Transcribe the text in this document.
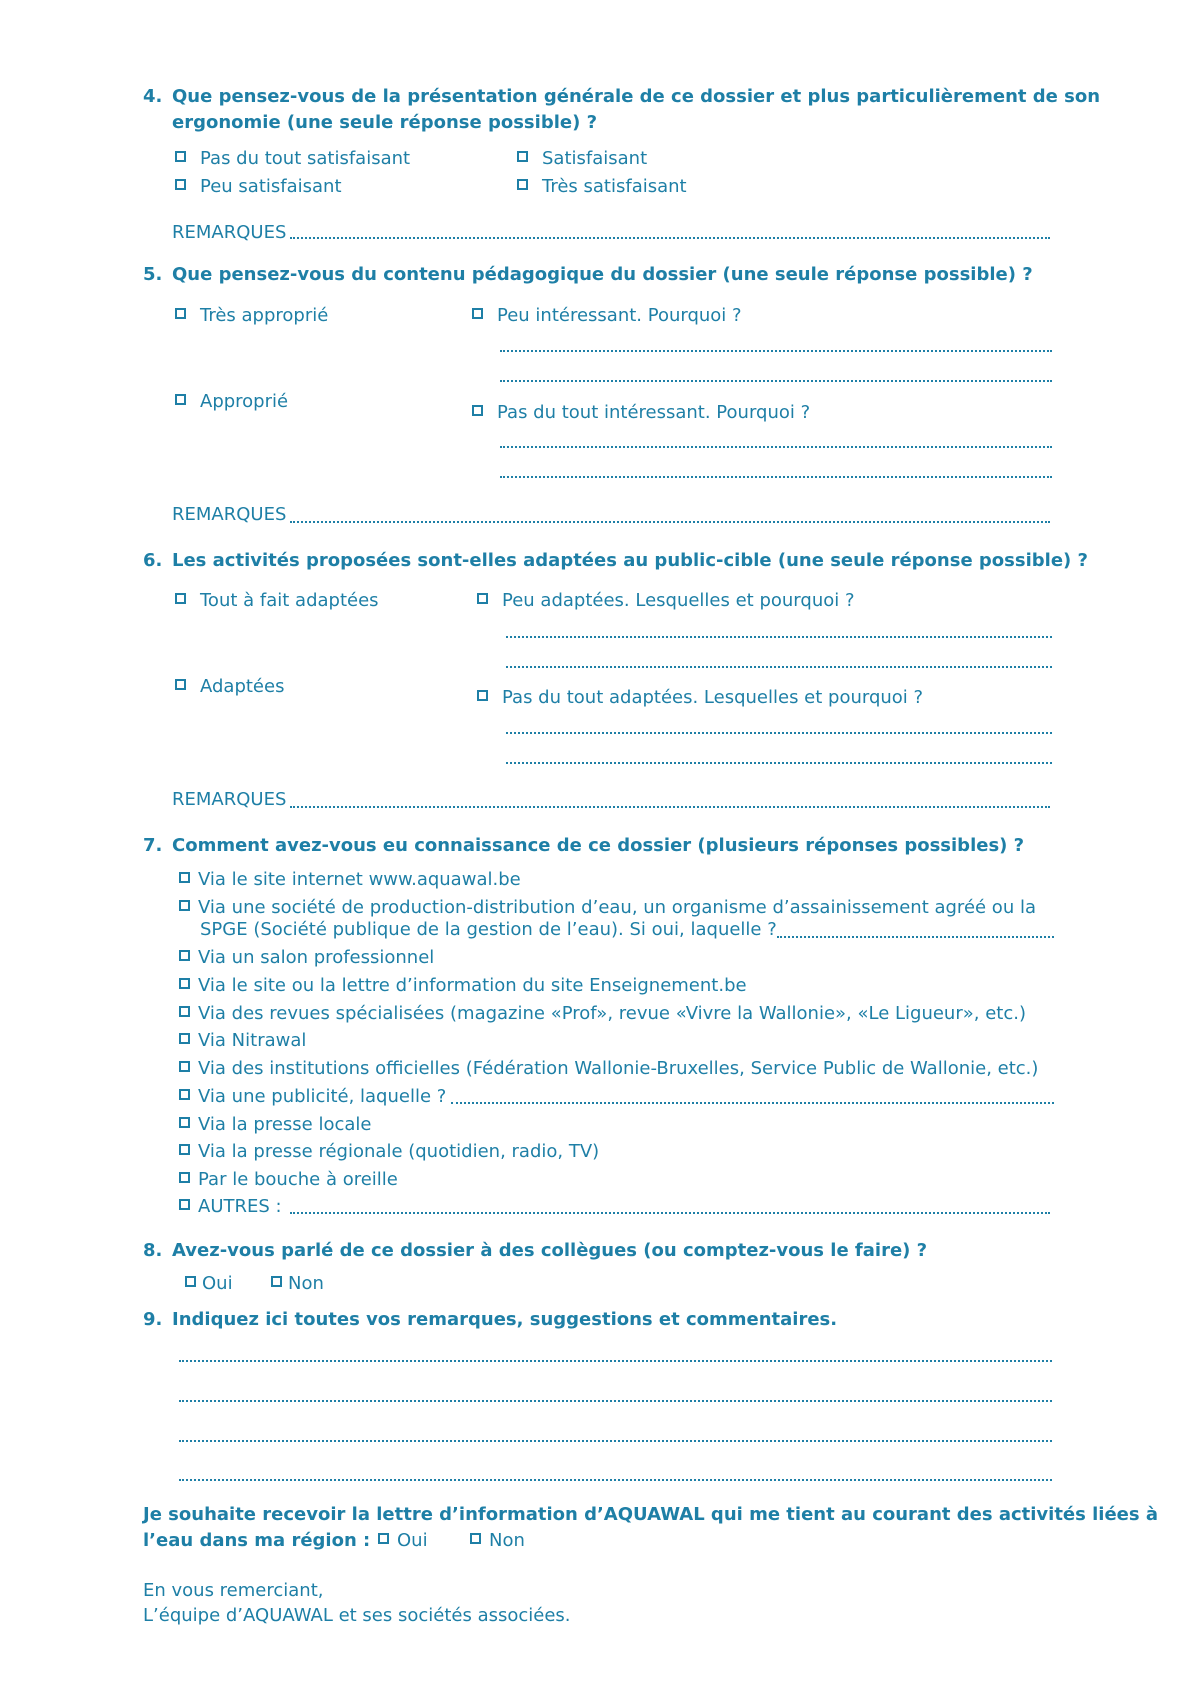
4. Que pensez-vous de la présentation générale de ce dossier et plus particulièrement de son
ergonomie (une seule réponse possible) ?
Pas du tout satisfaisant	Satisfaisant
Peu satisfaisant	Très satisfaisant
REMARQUES
5. Que pensez-vous du contenu pédagogique du dossier (une seule réponse possible) ?
Très approprié	Peu intéressant. Pourquoi ?
Approprié
Pas du tout intéressant. Pourquoi ?
REMARQUES
6. Les activités proposées sont-elles adaptées au public-cible (une seule réponse possible) ?
Tout à fait adaptées	Peu adaptées. Lesquelles et pourquoi ?
Adaptées
Pas du tout adaptées. Lesquelles et pourquoi ?
REMARQUES
7. Comment avez-vous eu connaissance de ce dossier (plusieurs réponses possibles) ?
Via le site internet www.aquawal.be
Via une société de production-distribution d’eau, un organisme d’assainissement agréé ou la
SPGE (Société publique de la gestion de l’eau). Si oui, laquelle ?
Via un salon professionnel
Via le site ou la lettre d’information du site Enseignement.be
Via des revues spécialisées (magazine «Prof», revue «Vivre la Wallonie», «Le Ligueur», etc.)
Via Nitrawal
Via des institutions officielles (Fédération Wallonie-Bruxelles, Service Public de Wallonie, etc.)
Via une publicité, laquelle ?
Via la presse locale
Via la presse régionale (quotidien, radio, TV)
Par le bouche à oreille
AUTRES :
8. Avez-vous parlé de ce dossier à des collègues (ou comptez-vous le faire) ?
Oui	Non
9. Indiquez ici toutes vos remarques, suggestions et commentaires.
Je souhaite recevoir la lettre d’information d’AQUAWAL qui me tient au courant des activités liées à
l’eau dans ma région : Oui	Non
En vous remerciant,
L’équipe d’AQUAWAL et ses sociétés associées.
